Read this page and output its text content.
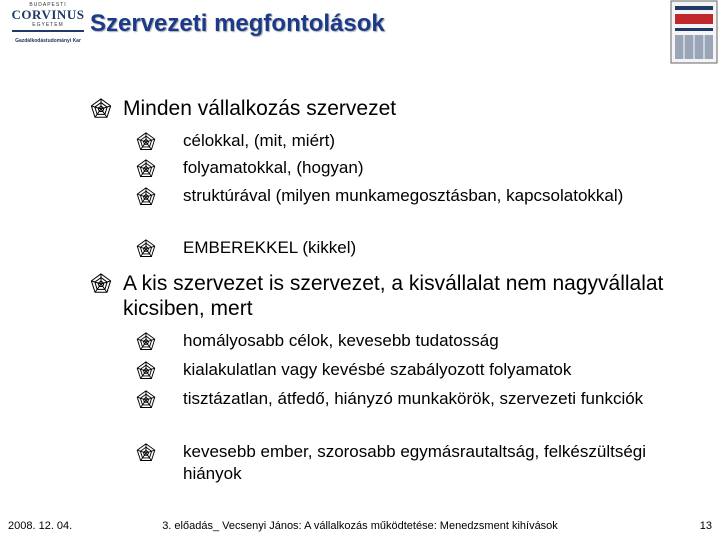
BUDAPESTI
CORVINUS
EGYETEM
Gazdálkodástudományi Kar
Szervezeti megfontolások
Minden vállalkozás szervezet
célokkal, (mit, miért)
folyamatokkal, (hogyan)
struktúrával (milyen munkamegosztásban, kapcsolatokkal)
EMBEREKKEL (kikkel)
A kis szervezet is szervezet, a kisvállalat nem nagyvállalat kicsiben, mert
homályosabb célok, kevesebb tudatosság
kialakulatlan vagy kevésbé szabályozott folyamatok
tisztázatlan, átfedő, hiányzó munkakörök, szervezeti funkciók
kevesebb ember, szorosabb egymásrautaltság, felkészültségi hiányok
2008. 12. 04.	3. előadás_ Vecsenyi János: A vállalkozás működtetése: Menedzsment kihívások	13
